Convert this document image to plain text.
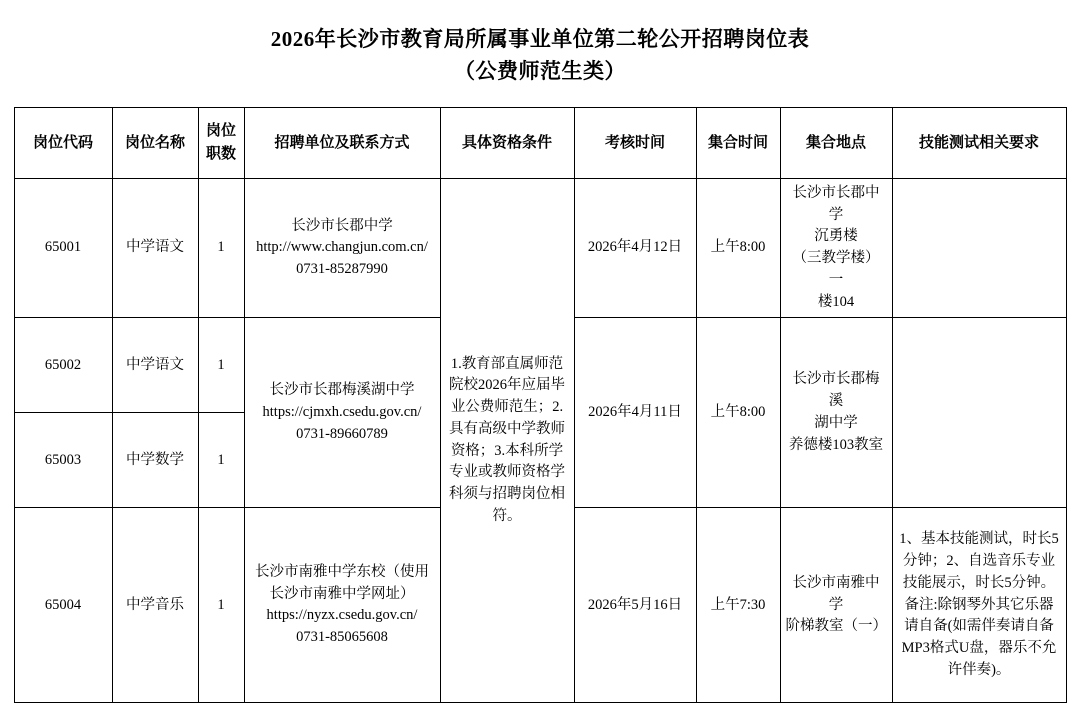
2026年长沙市教育局所属事业单位第二轮公开招聘岗位表
（公费师范生类）
岗位代码	岗位名称	岗位职数	招聘单位及联系方式	具体资格条件	考核时间	集合时间	集合地点	技能测试相关要求
65001	中学语文	1	长沙市长郡中学
http://www.changjun.com.cn/
0731-85287990	1.教育部直属师范院校2026年应届毕业公费师范生；2.具有高级中学教师资格；3.本科所学专业或教师资格学科须与招聘岗位相符。	2026年4月12日	上午8:00	长沙市长郡中学
沉勇楼
（三教学楼）一
楼104	

65002	中学语文	1	长沙市长郡梅溪湖中学
https://cjmxh.csedu.gov.cn/
0731-89660789		2026年4月11日	上午8:00	长沙市长郡梅溪
湖中学
养德楼103教室	

65003	中学数学	1						
65004	中学音乐	1	长沙市南雅中学东校（使用长沙市南雅中学网址）
https://nyzx.csedu.gov.cn/
0731-85065608		2026年5月16日	上午7:30	长沙市南雅中学
阶梯教室（一）	1、基本技能测试，时长5分钟；2、自选音乐专业技能展示，时长5分钟。备注:除钢琴外其它乐器请自备(如需伴奏请自备MP3格式U盘，器乐不允许伴奏)。
